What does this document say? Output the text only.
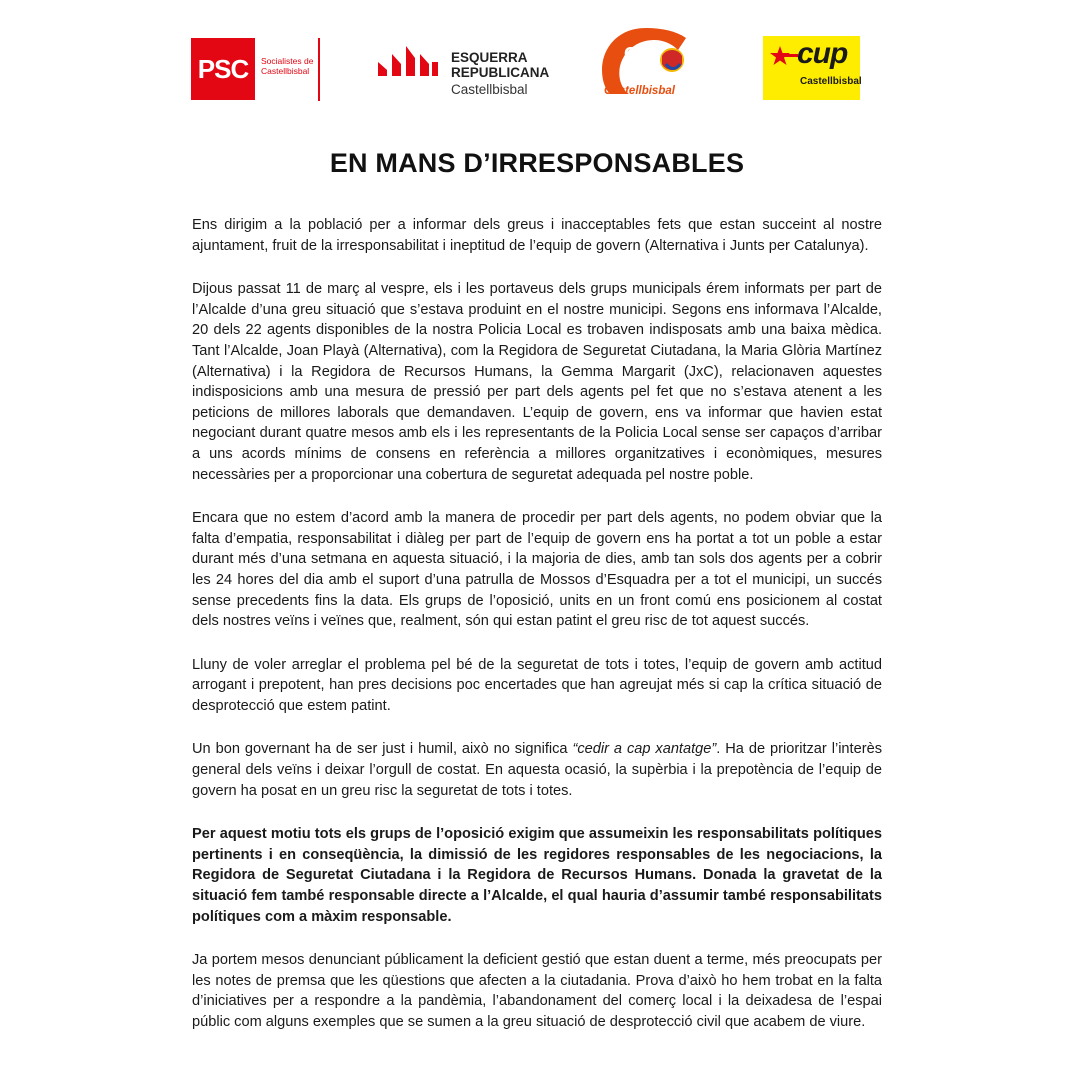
PSC Socialistes de
Castellbisbal
ESQUERRA
REPUBLICANA
Castellbisbal
Cs
Castellbisbal
cup
Castellbisbal
EN MANS D’IRRESPONSABLES

Ens dirigim a la població per a informar dels greus i inacceptables fets que estan succeint al nostre ajuntament, fruit de la irresponsabilitat i ineptitud de l’equip de govern (Alternativa i Junts per Catalunya).

Dijous passat 11 de març al vespre, els i les portaveus dels grups municipals érem informats per part de l’Alcalde d’una greu situació que s’estava produint en el nostre municipi. Segons ens informava l’Alcalde, 20 dels 22 agents disponibles de la nostra Policia Local es trobaven indisposats amb una baixa mèdica. Tant l’Alcalde, Joan Playà (Alternativa), com la Regidora de Seguretat Ciutadana, la Maria Glòria Martínez (Alternativa) i la Regidora de Recursos Humans, la Gemma Margarit (JxC), relacionaven aquestes indisposicions amb una mesura de pressió per part dels agents pel fet que no s’estava atenent a les peticions de millores laborals que demandaven. L’equip de govern, ens va informar que havien estat negociant durant quatre mesos amb els i les representants de la Policia Local sense ser capaços d’arribar a uns acords mínims de consens en referència a millores organitzatives i econòmiques, mesures necessàries per a proporcionar una cobertura de seguretat adequada pel nostre poble.

Encara que no estem d’acord amb la manera de procedir per part dels agents, no podem obviar que la falta d’empatia, responsabilitat i diàleg per part de l’equip de govern ens ha portat a tot un poble a estar durant més d’una setmana en aquesta situació, i la majoria de dies, amb tan sols dos agents per a cobrir les 24 hores del dia amb el suport d’una patrulla de Mossos d’Esquadra per a tot el municipi, un succés sense precedents fins la data. Els grups de l’oposició, units en un front comú ens posicionem al costat dels nostres veïns i veïnes que, realment, són qui estan patint el greu risc de tot aquest succés.

Lluny de voler arreglar el problema pel bé de la seguretat de tots i totes, l’equip de govern amb actitud arrogant i prepotent, han pres decisions poc encertades que han agreujat més si cap la crítica situació de desprotecció que estem patint.

Un bon governant ha de ser just i humil, això no significa “cedir a cap xantatge”. Ha de prioritzar l’interès general dels veïns i deixar l’orgull de costat. En aquesta ocasió, la supèrbia i la prepotència de l’equip de govern ha posat en un greu risc la seguretat de tots i totes.

Per aquest motiu tots els grups de l’oposició exigim que assumeixin les responsabilitats polítiques pertinents i en conseqüència, la dimissió de les regidores responsables de les negociacions, la Regidora de Seguretat Ciutadana i la Regidora de Recursos Humans. Donada la gravetat de la situació fem també responsable directe a l’Alcalde, el qual hauria d’assumir també responsabilitats polítiques com a màxim responsable.

Ja portem mesos denunciant públicament la deficient gestió que estan duent a terme, més preocupats per les notes de premsa que les qüestions que afecten a la ciutadania. Prova d’això ho hem trobat en la falta d’iniciatives per a respondre a la pandèmia, l’abandonament del comerç local i la deixadesa de l’espai públic com alguns exemples que se sumen a la greu situació de desprotecció civil que acabem de viure.
